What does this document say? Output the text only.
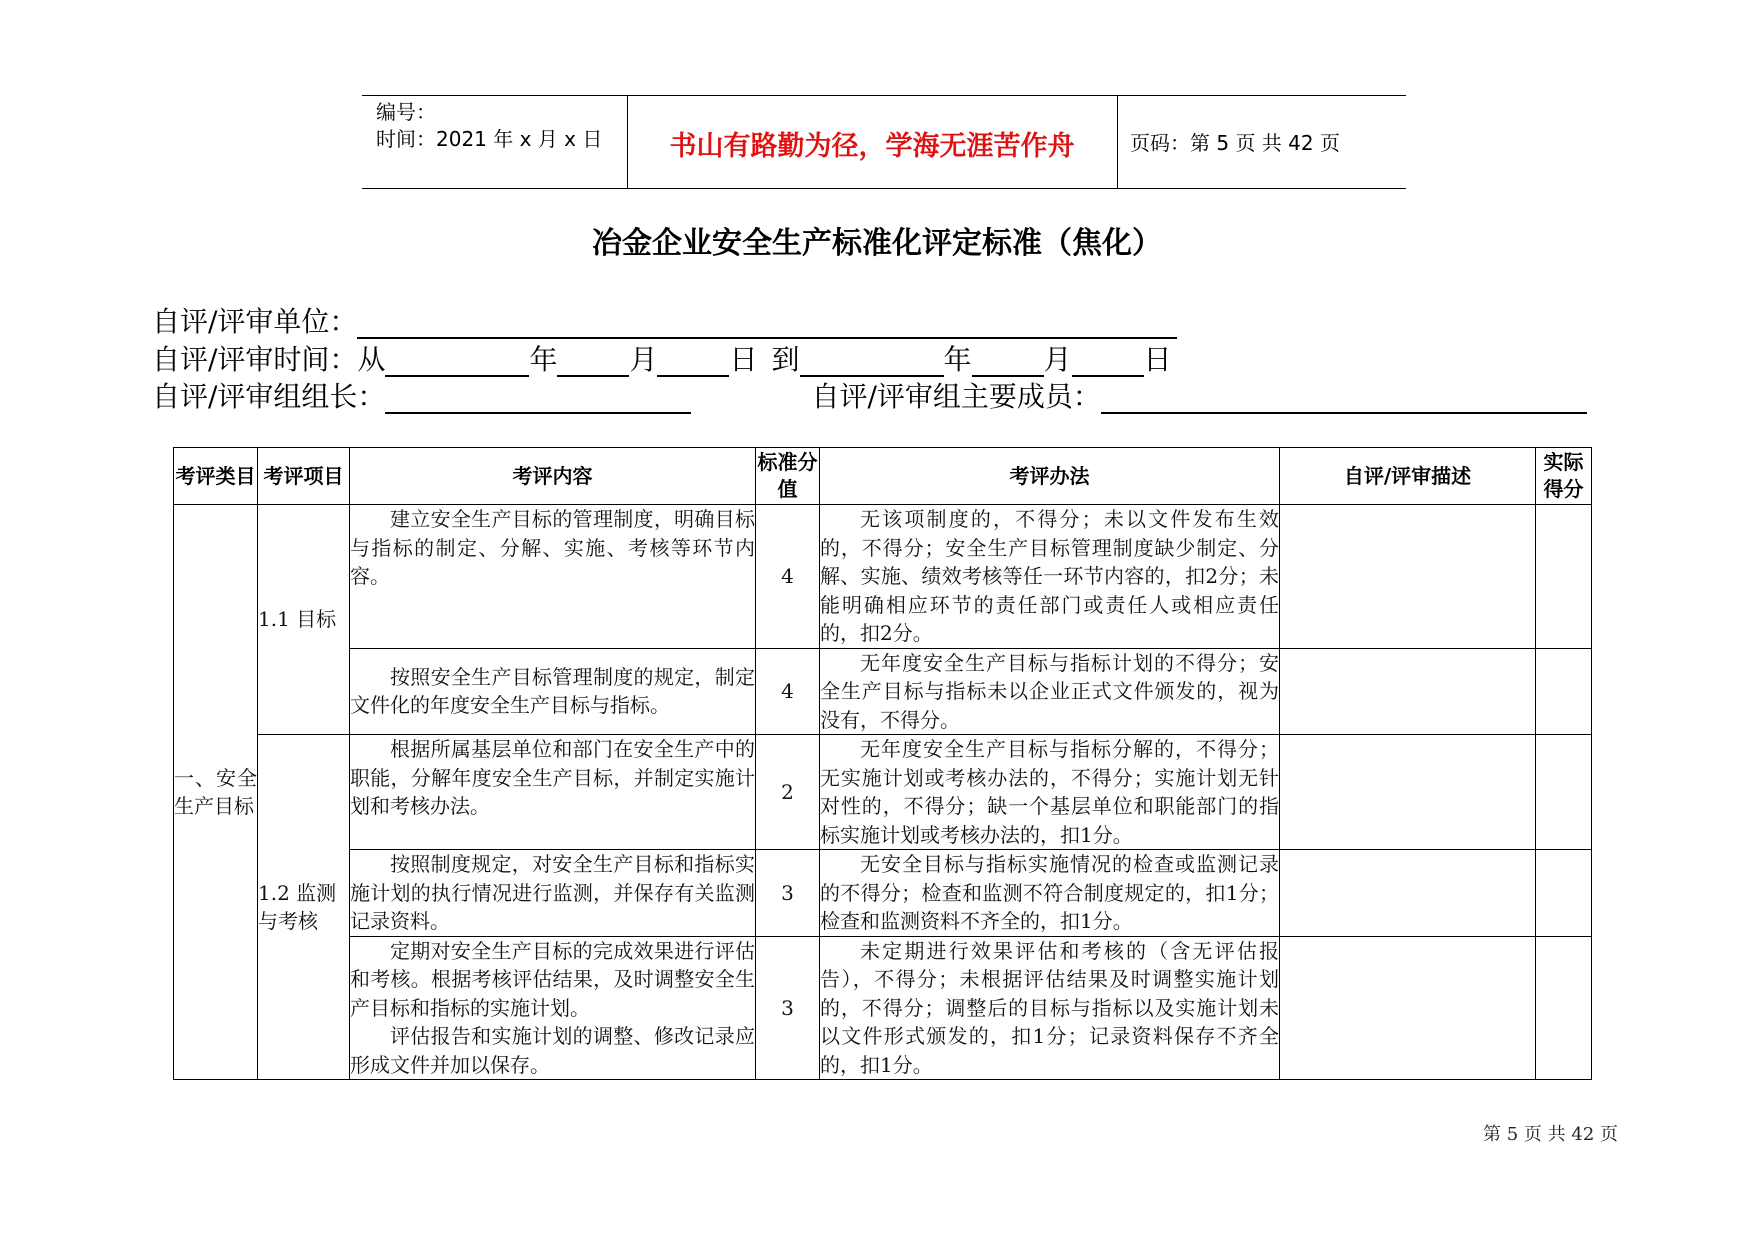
编号：
时间：2021 年 x 月 x 日	书山有路勤为径，学海无涯苦作舟	页码：第 5 页 共 42 页
冶金企业安全生产标准化评定标准（焦化）
自评/评审单位：
自评/评审时间：从	年	月	日 到	年	月	日
自评/评审组组长：	自评/评审组主要成员：
考评类目	考评项目	考评内容	标准分值	考评办法	自评/评审描述	实际得分
一、安全生产目标	1.1 目标	建立安全生产目标的管理制度，明确目标与指标的制定、分解、实施、考核等环节内容。	4	无该项制度的，不得分；未以文件发布生效的，不得分；安全生产目标管理制度缺少制定、分解、实施、绩效考核等任一环节内容的，扣2分；未能明确相应环节的责任部门或责任人或相应责任的，扣2分。		

		按照安全生产目标管理制度的规定，制定文件化的年度安全生产目标与指标。	4	无年度安全生产目标与指标计划的不得分；安全生产目标与指标未以企业正式文件颁发的，视为没有，不得分。		
	1.2 监测与考核	根据所属基层单位和部门在安全生产中的职能，分解年度安全生产目标，并制定实施计划和考核办法。	2	无年度安全生产目标与指标分解的，不得分；无实施计划或考核办法的，不得分；实施计划无针对性的，不得分；缺一个基层单位和职能部门的指标实施计划或考核办法的，扣1分。		

		按照制度规定，对安全生产目标和指标实施计划的执行情况进行监测，并保存有关监测记录资料。	3	无安全目标与指标实施情况的检查或监测记录的不得分；检查和监测不符合制度规定的，扣1分；检查和监测资料不齐全的，扣1分。		

		定期对安全生产目标的完成效果进行评估和考核。根据考核评估结果，及时调整安全生产目标和指标的实施计划。
评估报告和实施计划的调整、修改记录应形成文件并加以保存。	3	未定期进行效果评估和考核的（含无评估报告），不得分；未根据评估结果及时调整实施计划的，不得分；调整后的目标与指标以及实施计划未以文件形式颁发的，扣1分；记录资料保存不齐全的，扣1分。		
第 5 页 共 42 页
